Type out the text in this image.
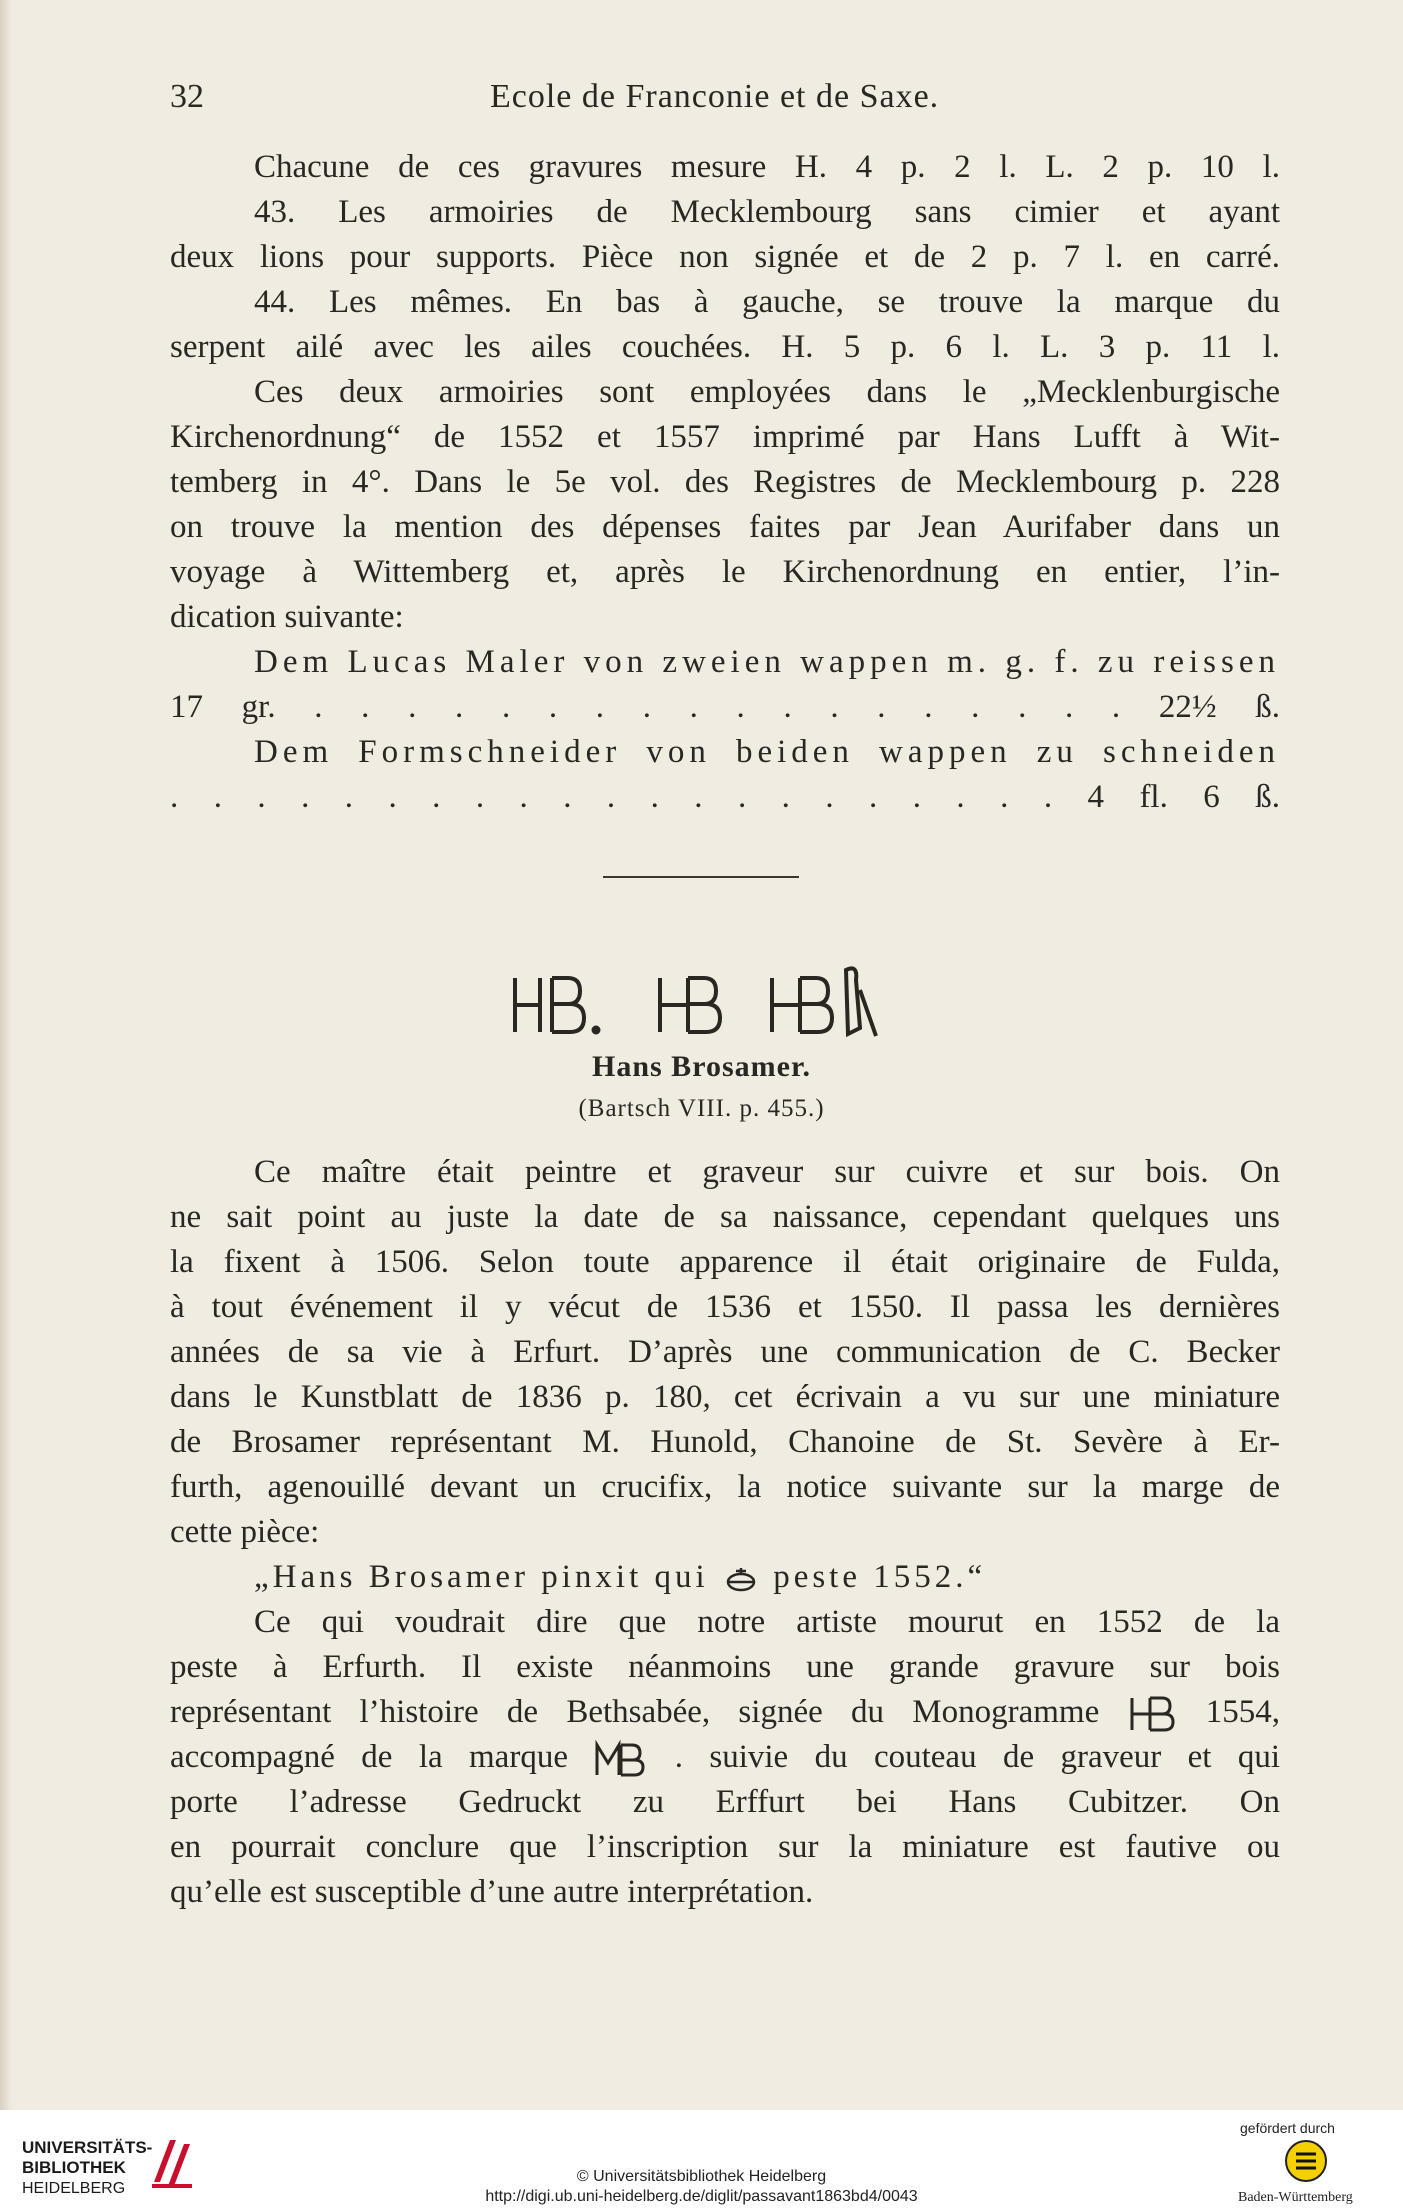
32	Ecole de Franconie et de Saxe.
Chacune de ces gravures mesure H. 4 p. 2 l. L. 2 p. 10 l.
43. Les armoiries de Mecklembourg sans cimier et ayant
deux lions pour supports. Pièce non signée et de 2 p. 7 l. en carré.
44. Les mêmes. En bas à gauche, se trouve la marque du
serpent ailé avec les ailes couchées. H. 5 p. 6 l. L. 3 p. 11 l.
Ces deux armoiries sont employées dans le „Mecklenburgische
Kirchenordnung“ de 1552 et 1557 imprimé par Hans Lufft à Wit-
temberg in 4°. Dans le 5e vol. des Registres de Mecklembourg p. 228
on trouve la mention des dépenses faites par Jean Aurifaber dans un
voyage à Wittemberg et, après le Kirchenordnung en entier, l’in-
dication suivante:
Dem Lucas Maler von zweien wappen m. g. f. zu reissen
17 gr. . . . . . . . . . . . . . . . . . . 22½ ß.
Dem Formschneider von beiden wappen zu schneiden
. . . . . . . . . . . . . . . . . . . . . 4 fl. 6 ß.
Hans Brosamer.
(Bartsch VIII. p. 455.)
Ce maître était peintre et graveur sur cuivre et sur bois. On
ne sait point au juste la date de sa naissance, cependant quelques uns
la fixent à 1506. Selon toute apparence il était originaire de Fulda,
à tout événement il y vécut de 1536 et 1550. Il passa les dernières
années de sa vie à Erfurt. D’après une communication de C. Becker
dans le Kunstblatt de 1836 p. 180, cet écrivain a vu sur une miniature
de Brosamer représentant M. Hunold, Chanoine de St. Sevère à Er-
furth, agenouillé devant un crucifix, la notice suivante sur la marge de
cette pièce:
„Hans Brosamer pinxit qui peste 1552.“
Ce qui voudrait dire que notre artiste mourut en 1552 de la
peste à Erfurth. Il existe néanmoins une grande gravure sur bois
représentant l’histoire de Bethsabée, signée du Monogramme	1554,
accompagné de la marque	. suivie du couteau de graveur et qui
porte l’adresse Gedruckt zu Erffurt bei Hans Cubitzer. On
en pourrait conclure que l’inscription sur la miniature est fautive ou
qu’elle est susceptible d’une autre interprétation.
UNIVERSITÄTS-
BIBLIOTHEK
HEIDELBERG
© Universitätsbibliothek Heidelberg
http://digi.ub.uni-heidelberg.de/diglit/passavant1863bd4/0043
gefördert durch
Baden-Württemberg
